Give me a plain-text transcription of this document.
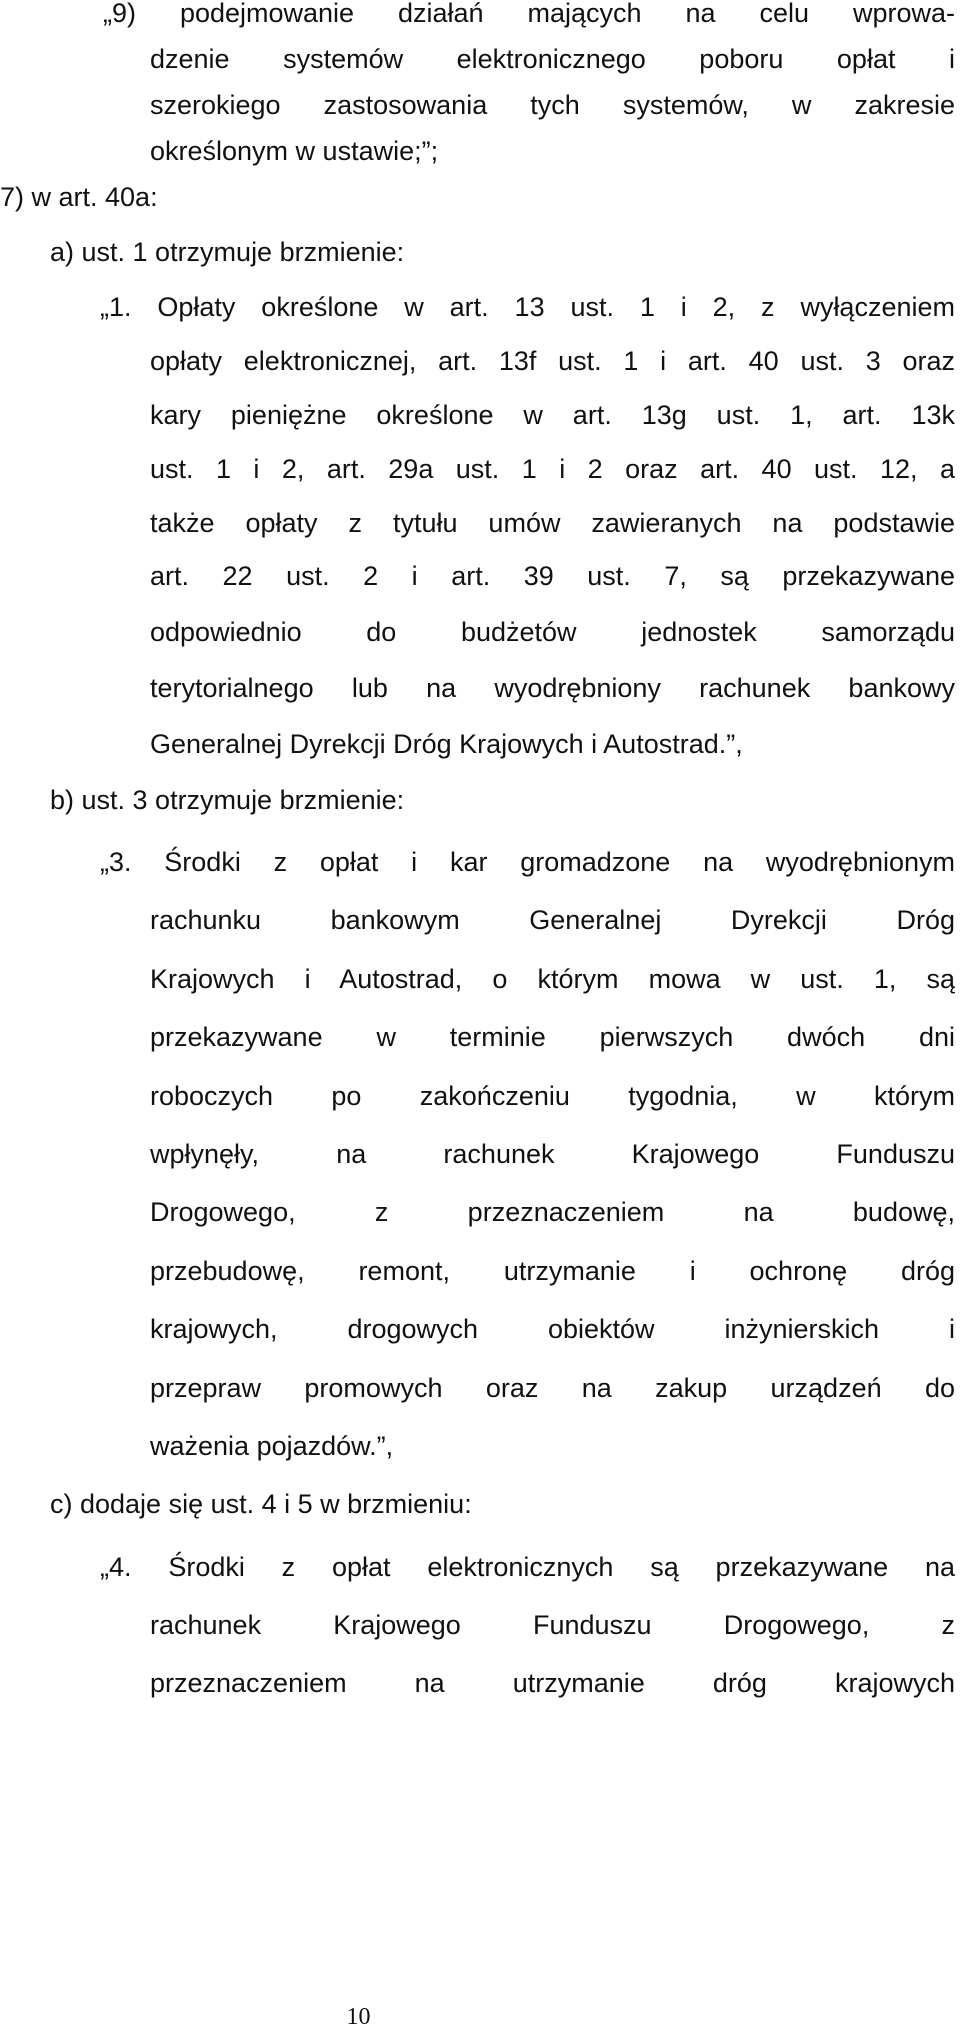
„9) podejmowanie działań mających na celu wprowa-
dzenie systemów elektronicznego poboru opłat i
szerokiego zastosowania tych systemów, w zakresie
określonym w ustawie;”;
7) w art. 40a:
a) ust. 1 otrzymuje brzmienie:
„1. Opłaty określone w art. 13 ust. 1 i 2, z wyłączeniem
opłaty elektronicznej, art. 13f ust. 1 i art. 40 ust. 3 oraz
kary pieniężne określone w art. 13g ust. 1, art. 13k
ust. 1 i 2, art. 29a ust. 1 i 2 oraz art. 40 ust. 12, a
także opłaty z tytułu umów zawieranych na podstawie
art. 22 ust. 2 i art. 39 ust. 7, są przekazywane
odpowiednio do budżetów jednostek samorządu
terytorialnego lub na wyodrębniony rachunek bankowy
Generalnej Dyrekcji Dróg Krajowych i Autostrad.”,
b) ust. 3 otrzymuje brzmienie:
„3. Środki z opłat i kar gromadzone na wyodrębnionym
rachunku bankowym Generalnej Dyrekcji Dróg
Krajowych i Autostrad, o którym mowa w ust. 1, są
przekazywane w terminie pierwszych dwóch dni
roboczych po zakończeniu tygodnia, w którym
wpłynęły, na rachunek Krajowego Funduszu
Drogowego, z przeznaczeniem na budowę,
przebudowę, remont, utrzymanie i ochronę dróg
krajowych, drogowych obiektów inżynierskich i
przepraw promowych oraz na zakup urządzeń do
ważenia pojazdów.”,
c) dodaje się ust. 4 i 5 w brzmieniu:
„4. Środki z opłat elektronicznych są przekazywane na
rachunek Krajowego Funduszu Drogowego, z
przeznaczeniem na utrzymanie dróg krajowych
10
